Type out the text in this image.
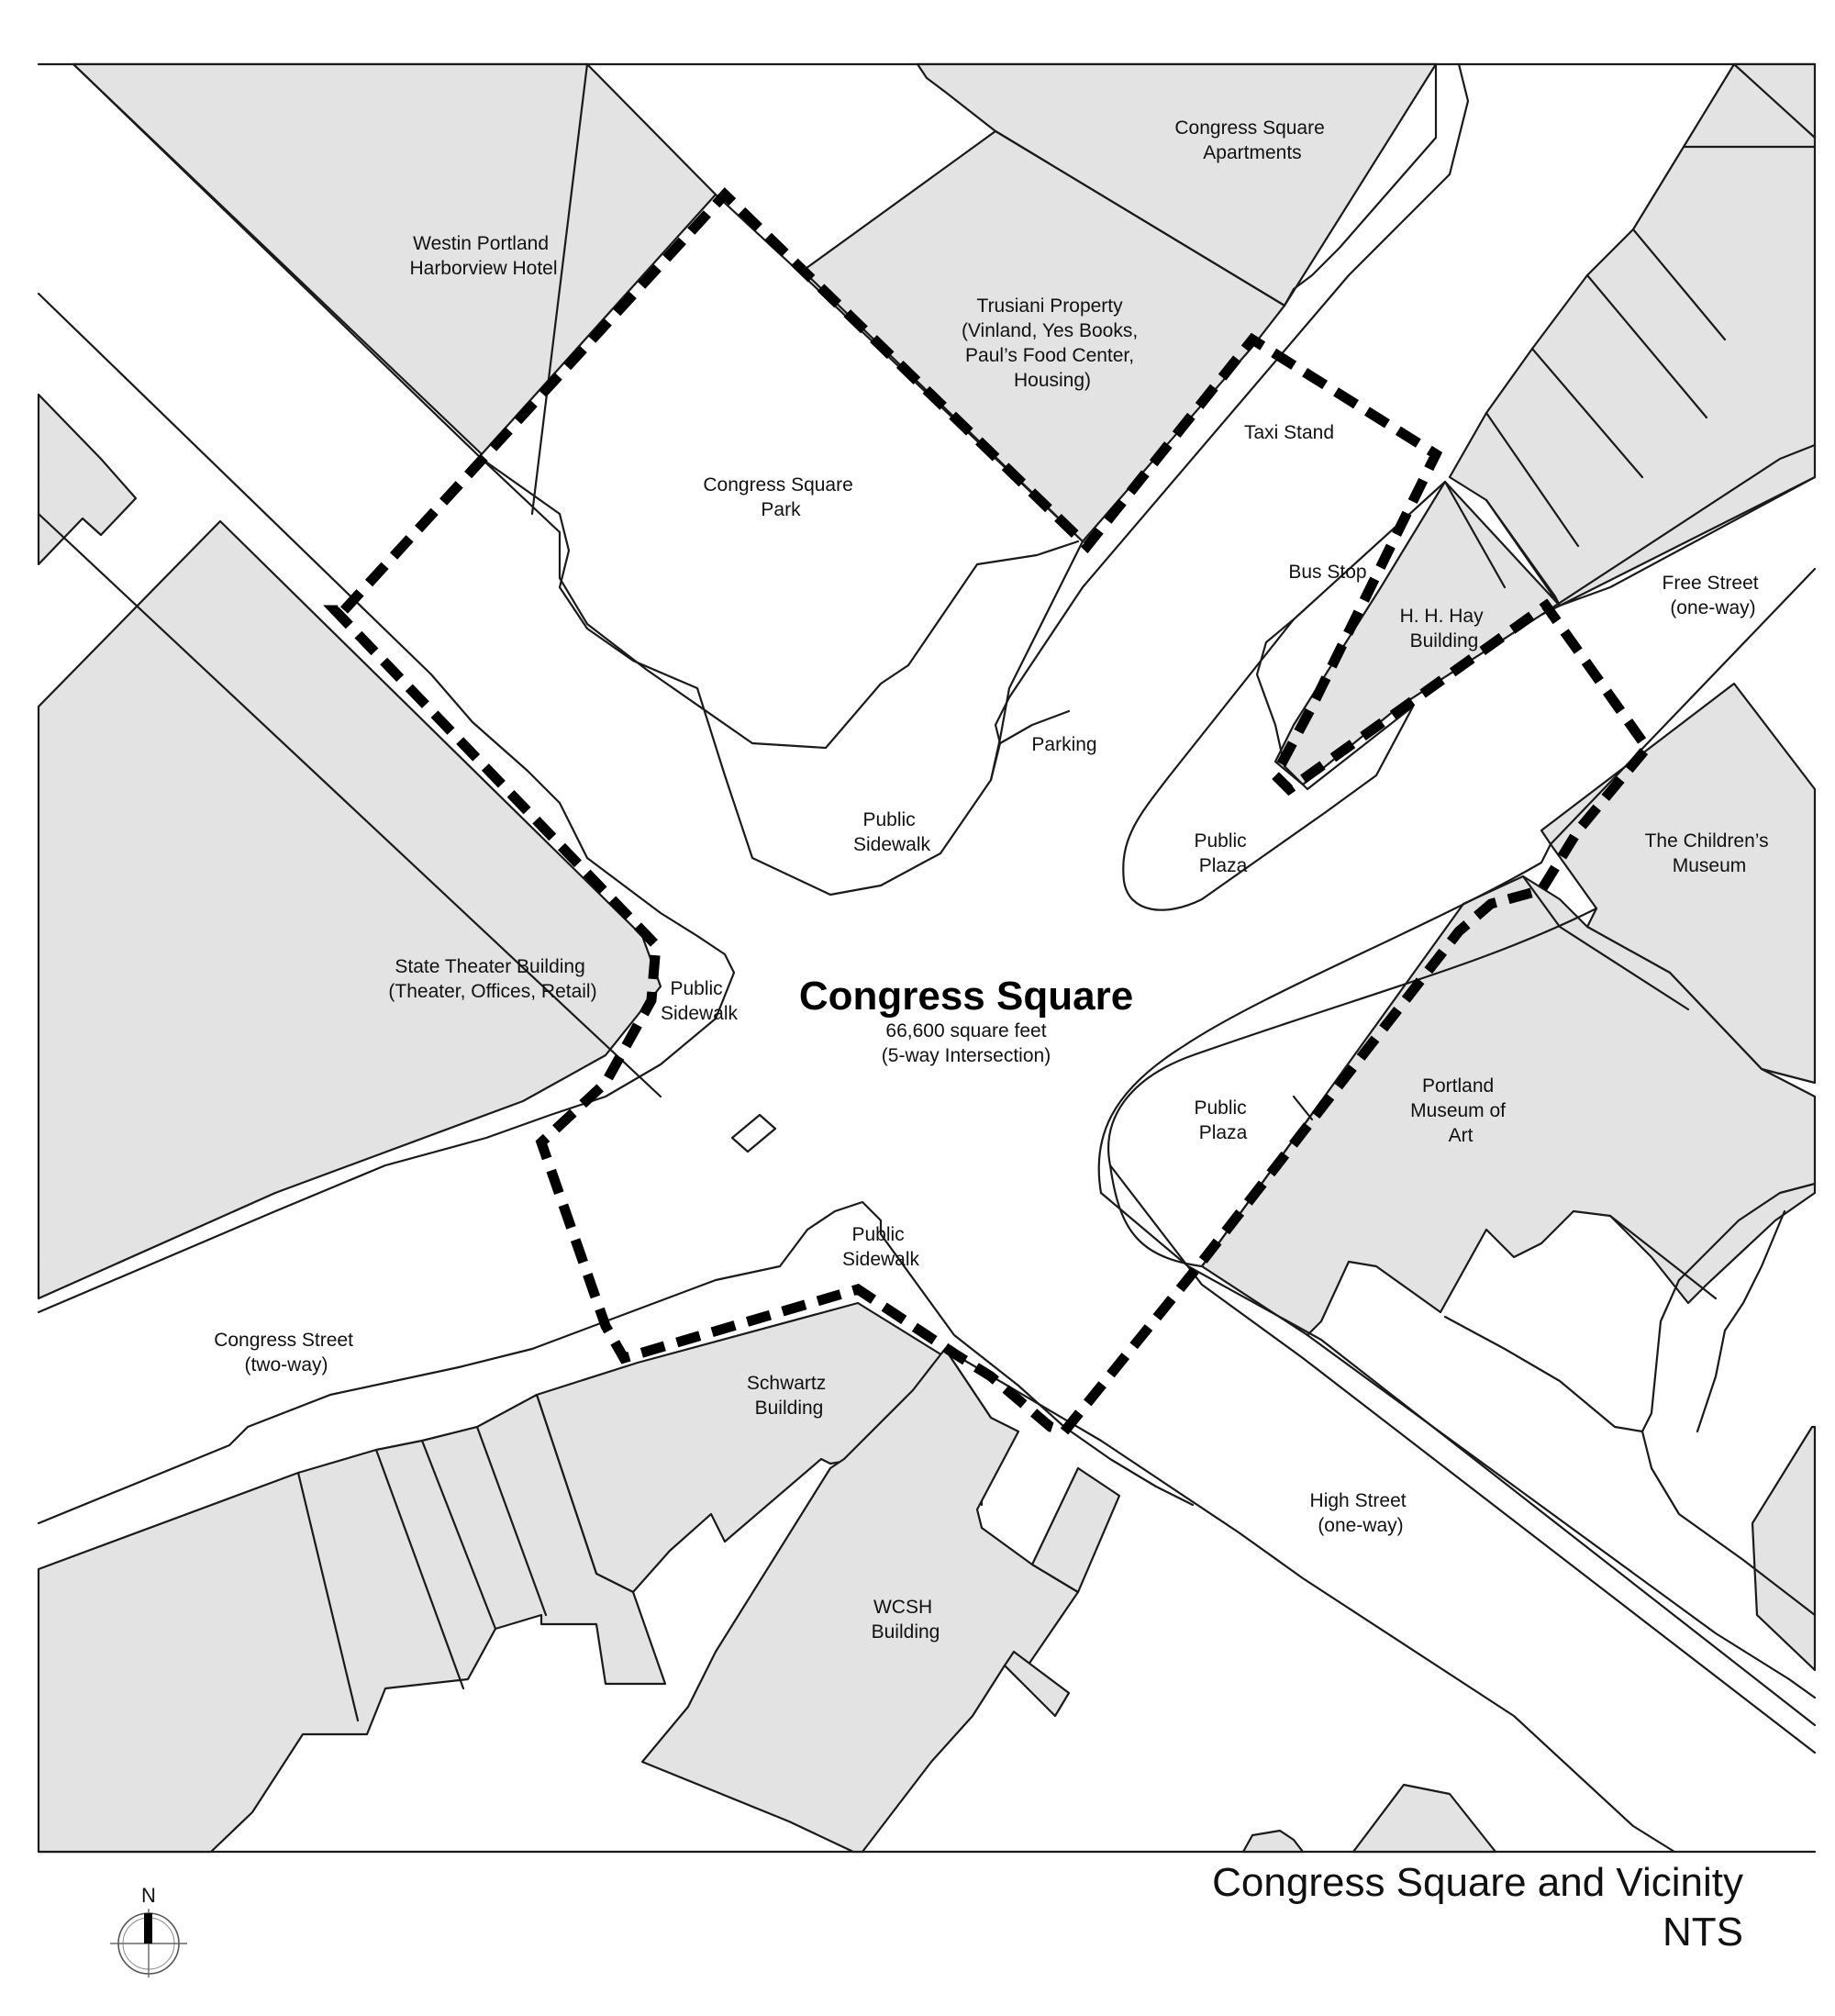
Congress Square Apartments
Westin Portland Harborview Hotel
Trusiani Property (Vinland, Yes Books, Paul’s Food Center, Housing)
Congress Square Park
Taxi Stand
Bus Stop
H. H. Hay Building
Free Street (one-way)
Parking
Public Sidewalk	Public Plaza
The Children’s Museum
State Theater Building (Theater, Offices, Retail)	Public Sidewalk
Public Plaza
Portland Museum of Art
Public Sidewalk
Congress Street (two-way)
Schwartz Building
WCSH Building
High Street (one-way)
Congress Square
66,600 square feet
(5-way Intersection)
N	Congress Square and Vicinity
NTS
